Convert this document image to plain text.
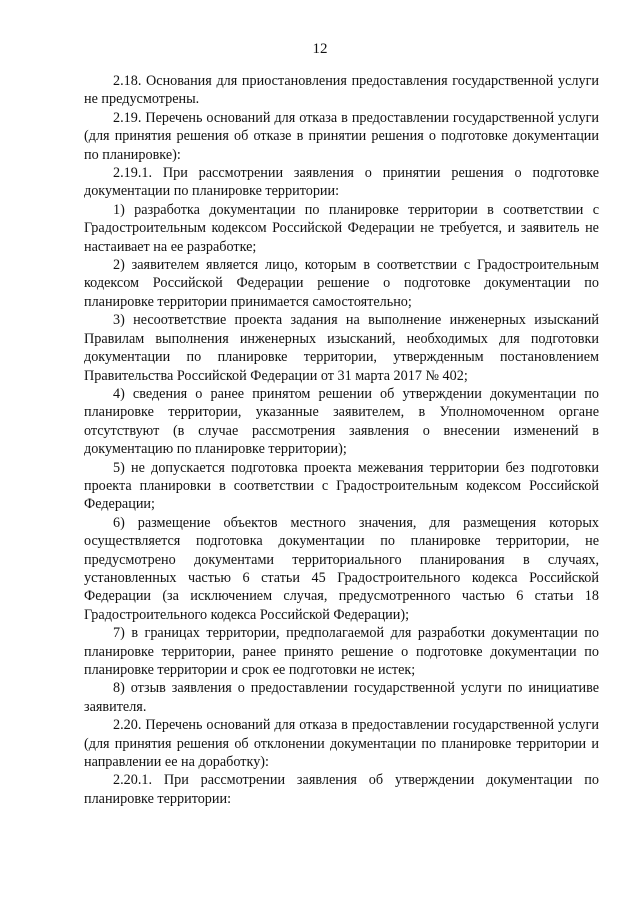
12

2.18. Основания для приостановления предоставления государственной услуги не предусмотрены.

2.19. Перечень оснований для отказа в предоставлении государственной услуги (для принятия решения об отказе в принятии решения о подготовке документации по планировке):

2.19.1. При рассмотрении заявления о принятии решения о подготовке документации по планировке территории:

1) разработка документации по планировке территории в соответствии с Градостроительным кодексом Российской Федерации не требуется, и заявитель не настаивает на ее разработке;

2) заявителем является лицо, которым в соответствии с Градостроительным кодексом Российской Федерации решение о подготовке документации по планировке территории принимается самостоятельно;

3) несоответствие проекта задания на выполнение инженерных изысканий Правилам выполнения инженерных изысканий, необходимых для подготовки документации по планировке территории, утвержденным постановлением Правительства Российской Федерации от 31 марта 2017 № 402;

4) сведения о ранее принятом решении об утверждении документации по планировке территории, указанные заявителем, в Уполномоченном органе отсутствуют (в случае рассмотрения заявления о внесении изменений в документацию по планировке территории);

5) не допускается подготовка проекта межевания территории без подготовки проекта планировки в соответствии с Градостроительным кодексом Российской Федерации;

6) размещение объектов местного значения, для размещения которых осуществляется подготовка документации по планировке территории, не предусмотрено документами территориального планирования в случаях, установленных частью 6 статьи 45 Градостроительного кодекса Российской Федерации (за исключением случая, предусмотренного частью 6 статьи 18 Градостроительного кодекса Российской Федерации);

7) в границах территории, предполагаемой для разработки документации по планировке территории, ранее принято решение о подготовке документации по планировке территории и срок ее подготовки не истек;

8) отзыв заявления о предоставлении государственной услуги по инициативе заявителя.

2.20. Перечень оснований для отказа в предоставлении государственной услуги (для принятия решения об отклонении документации по планировке территории и направлении ее на доработку):

2.20.1. При рассмотрении заявления об утверждении документации по планировке территории:
